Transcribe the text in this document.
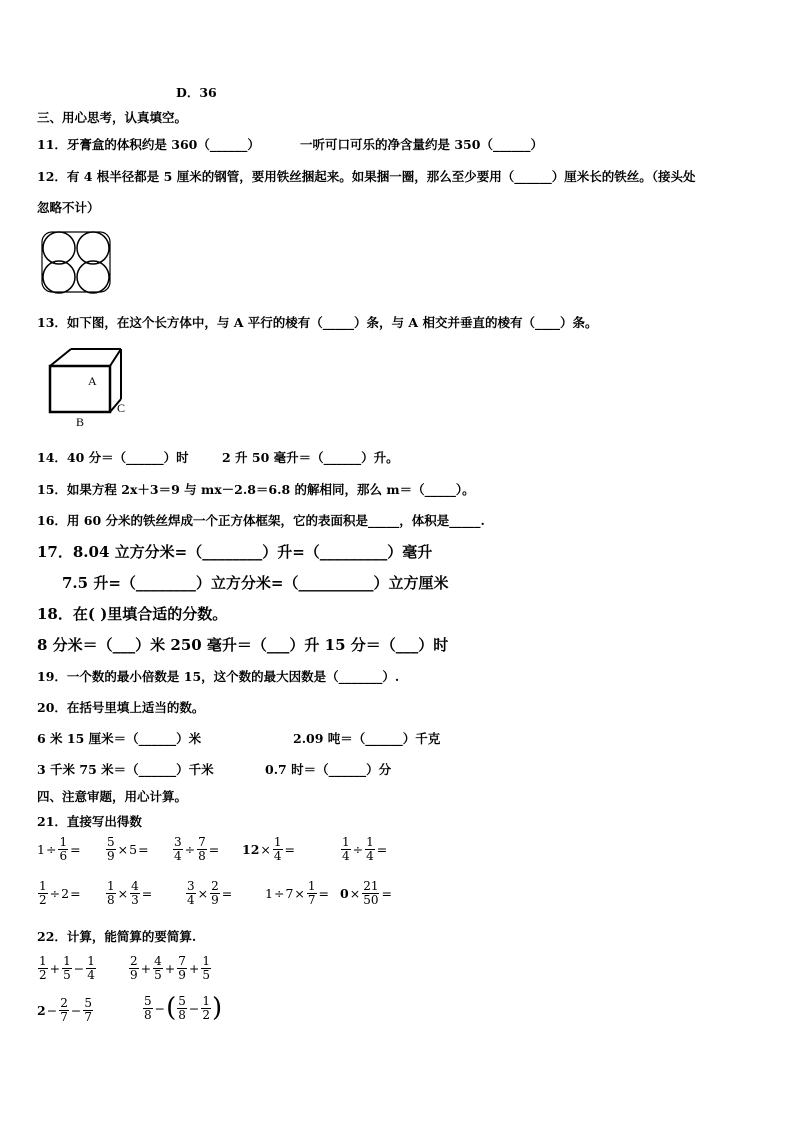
D．36
三、用心思考，认真填空。
11．牙膏盒的体积约是 360（______）	一听可口可乐的净含量约是 350（______）
12．有 4 根半径都是 5 厘米的钢管，要用铁丝捆起来。如果捆一圈，那么至少要用（______）厘米长的铁丝。（接头处
忽略不计）
13．如下图，在这个长方体中，与 A 平行的棱有（_____）条，与 A 相交并垂直的棱有（____）条。
A
B
C
14．40 分＝（______）时	2 升 50 毫升＝（______）升。
15．如果方程 2x＋3＝9 与 mx－2.8＝6.8 的解相同，那么 m＝（_____）。
16．用 60 分米的铁丝焊成一个正方体框架，它的表面积是_____，体积是_____.
17．8.04 立方分米=（________）升=（_________）毫升
7.5 升=（________）立方分米=（__________）立方厘米
18．在( )里填合适的分数。
8 分米＝（___）米 250 毫升＝（___）升 15 分＝（___）时
19．一个数的最小倍数是 15，这个数的最大因数是（_______）.
20．在括号里填上适当的数。
6 米 15 厘米＝（______）米	2.09 吨＝（______）千克
3 千米 75 米＝（______）千米	0.7 时＝（______）分
四、注意审题，用心计算。
21．直接写出得数
$1 \div \frac{1}{6} = \frac{5}{9} \times 5 = \frac{3}{4} \div \frac{7}{8} = 12 \times \frac{1}{4}$ =	$\frac{1}{4} \div \frac{1}{4}$ =
$\frac{1}{2} \div 2 = \frac{1}{8} \times \frac{4}{3}$ =	$\frac{3}{4} \times \frac{2}{9}$ =	$1 \div 7 \times \frac{1}{7} = 0 \times \frac{21}{50}$ =
22．计算，能简算的要简算.
$\frac{1}{2} + \frac{1}{5} - \frac{1}{4}$	$\frac{2}{9} + \frac{4}{5} + \frac{7}{9} + \frac{1}{5}$
$2 - \frac{2}{7} - \frac{5}{7}$	$\frac{5}{8}$ − ( $\frac{5}{8} - \frac{1}{2}$ )
